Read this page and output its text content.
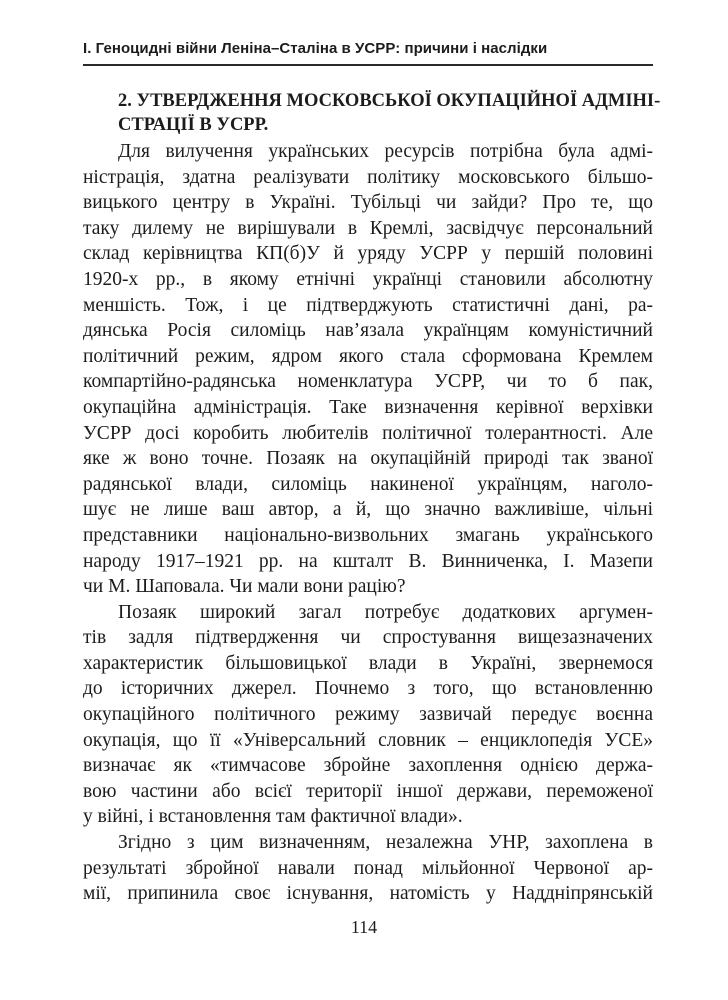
I. Геноцидні війни Леніна–Сталіна в УСРР: причини і наслідки
2. УТВЕРДЖЕННЯ МОСКОВСЬКОЇ ОКУПАЦІЙНОЇ АДМІНІ-
СТРАЦІЇ В УСРР.
Для вилучення українських ресурсів потрібна була адмі-
ністрація, здатна реалізувати політику московського більшо-
вицького центру в Україні. Тубільці чи зайди? Про те, що
таку дилему не вирішували в Кремлі, засвідчує персональний
склад керівництва КП(б)У й уряду УСРР у першій половині
1920-х рр., в якому етнічні українці становили абсолютну
меншість. Тож, і це підтверджують статистичні дані, ра-
дянська Росія силоміць нав’язала українцям комуністичний
політичний режим, ядром якого стала сформована Кремлем
компартійно-радянська номенклатура УСРР, чи то б пак,
окупаційна адміністрація. Таке визначення керівної верхівки
УСРР досі коробить любителів політичної толерантності. Але
яке ж воно точне. Позаяк на окупаційній природі так званої
радянської влади, силоміць накиненої українцям, наголо-
шує не лише ваш автор, а й, що значно важливіше, чільні
представники національно-визвольних змагань українського
народу 1917–1921 рр. на кшталт В. Винниченка, І. Мазепи
чи М. Шаповала. Чи мали вони рацію?
Позаяк широкий загал потребує додаткових аргумен-
тів задля підтвердження чи спростування вищезазначених
характеристик більшовицької влади в Україні, звернемося
до історичних джерел. Почнемо з того, що встановленню
окупаційного політичного режиму зазвичай передує воєнна
окупація, що її «Універсальний словник – енциклопедія УСЕ»
визначає як «тимчасове збройне захоплення однією держа-
вою частини або всієї території іншої держави, переможеної
у війні, і встановлення там фактичної влади».
Згідно з цим визначенням, незалежна УНР, захоплена в
результаті збройної навали понад мільйонної Червоної ар-
мії, припинила своє існування, натомість у Наддніпрянській
114
